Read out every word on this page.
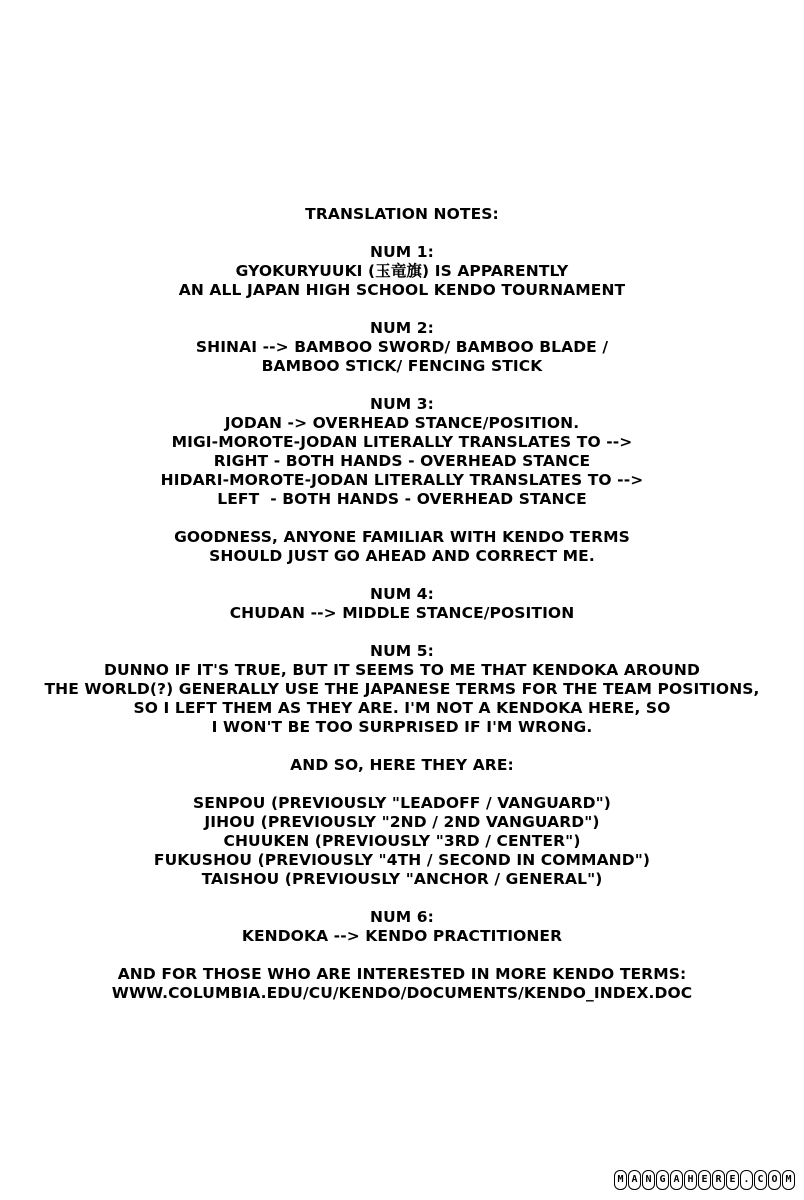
TRANSLATION NOTES:
NUM 1:
GYOKURYUUKI (玉竜旗) IS APPARENTLY
AN ALL JAPAN HIGH SCHOOL KENDO TOURNAMENT
NUM 2:
SHINAI --> BAMBOO SWORD/ BAMBOO BLADE /
BAMBOO STICK/ FENCING STICK
NUM 3:
JODAN -> OVERHEAD STANCE/POSITION.
MIGI-MOROTE-JODAN LITERALLY TRANSLATES TO -->
RIGHT - BOTH HANDS - OVERHEAD STANCE
HIDARI-MOROTE-JODAN LITERALLY TRANSLATES TO -->
LEFT  - BOTH HANDS - OVERHEAD STANCE
GOODNESS, ANYONE FAMILIAR WITH KENDO TERMS
SHOULD JUST GO AHEAD AND CORRECT ME.
NUM 4:
CHUDAN --> MIDDLE STANCE/POSITION
NUM 5:
DUNNO IF IT'S TRUE, BUT IT SEEMS TO ME THAT KENDOKA AROUND
THE WORLD(?) GENERALLY USE THE JAPANESE TERMS FOR THE TEAM POSITIONS,
SO I LEFT THEM AS THEY ARE. I'M NOT A KENDOKA HERE, SO
I WON'T BE TOO SURPRISED IF I'M WRONG.
AND SO, HERE THEY ARE:
SENPOU (PREVIOUSLY "LEADOFF / VANGUARD")
JIHOU (PREVIOUSLY "2ND / 2ND VANGUARD")
CHUUKEN (PREVIOUSLY "3RD / CENTER")
FUKUSHOU (PREVIOUSLY "4TH / SECOND IN COMMAND")
TAISHOU (PREVIOUSLY "ANCHOR / GENERAL")
NUM 6:
KENDOKA --> KENDO PRACTITIONER
AND FOR THOSE WHO ARE INTERESTED IN MORE KENDO TERMS:
WWW.COLUMBIA.EDU/CU/KENDO/DOCUMENTS/KENDO_INDEX.DOC
M A N G A H E R E . C O M
